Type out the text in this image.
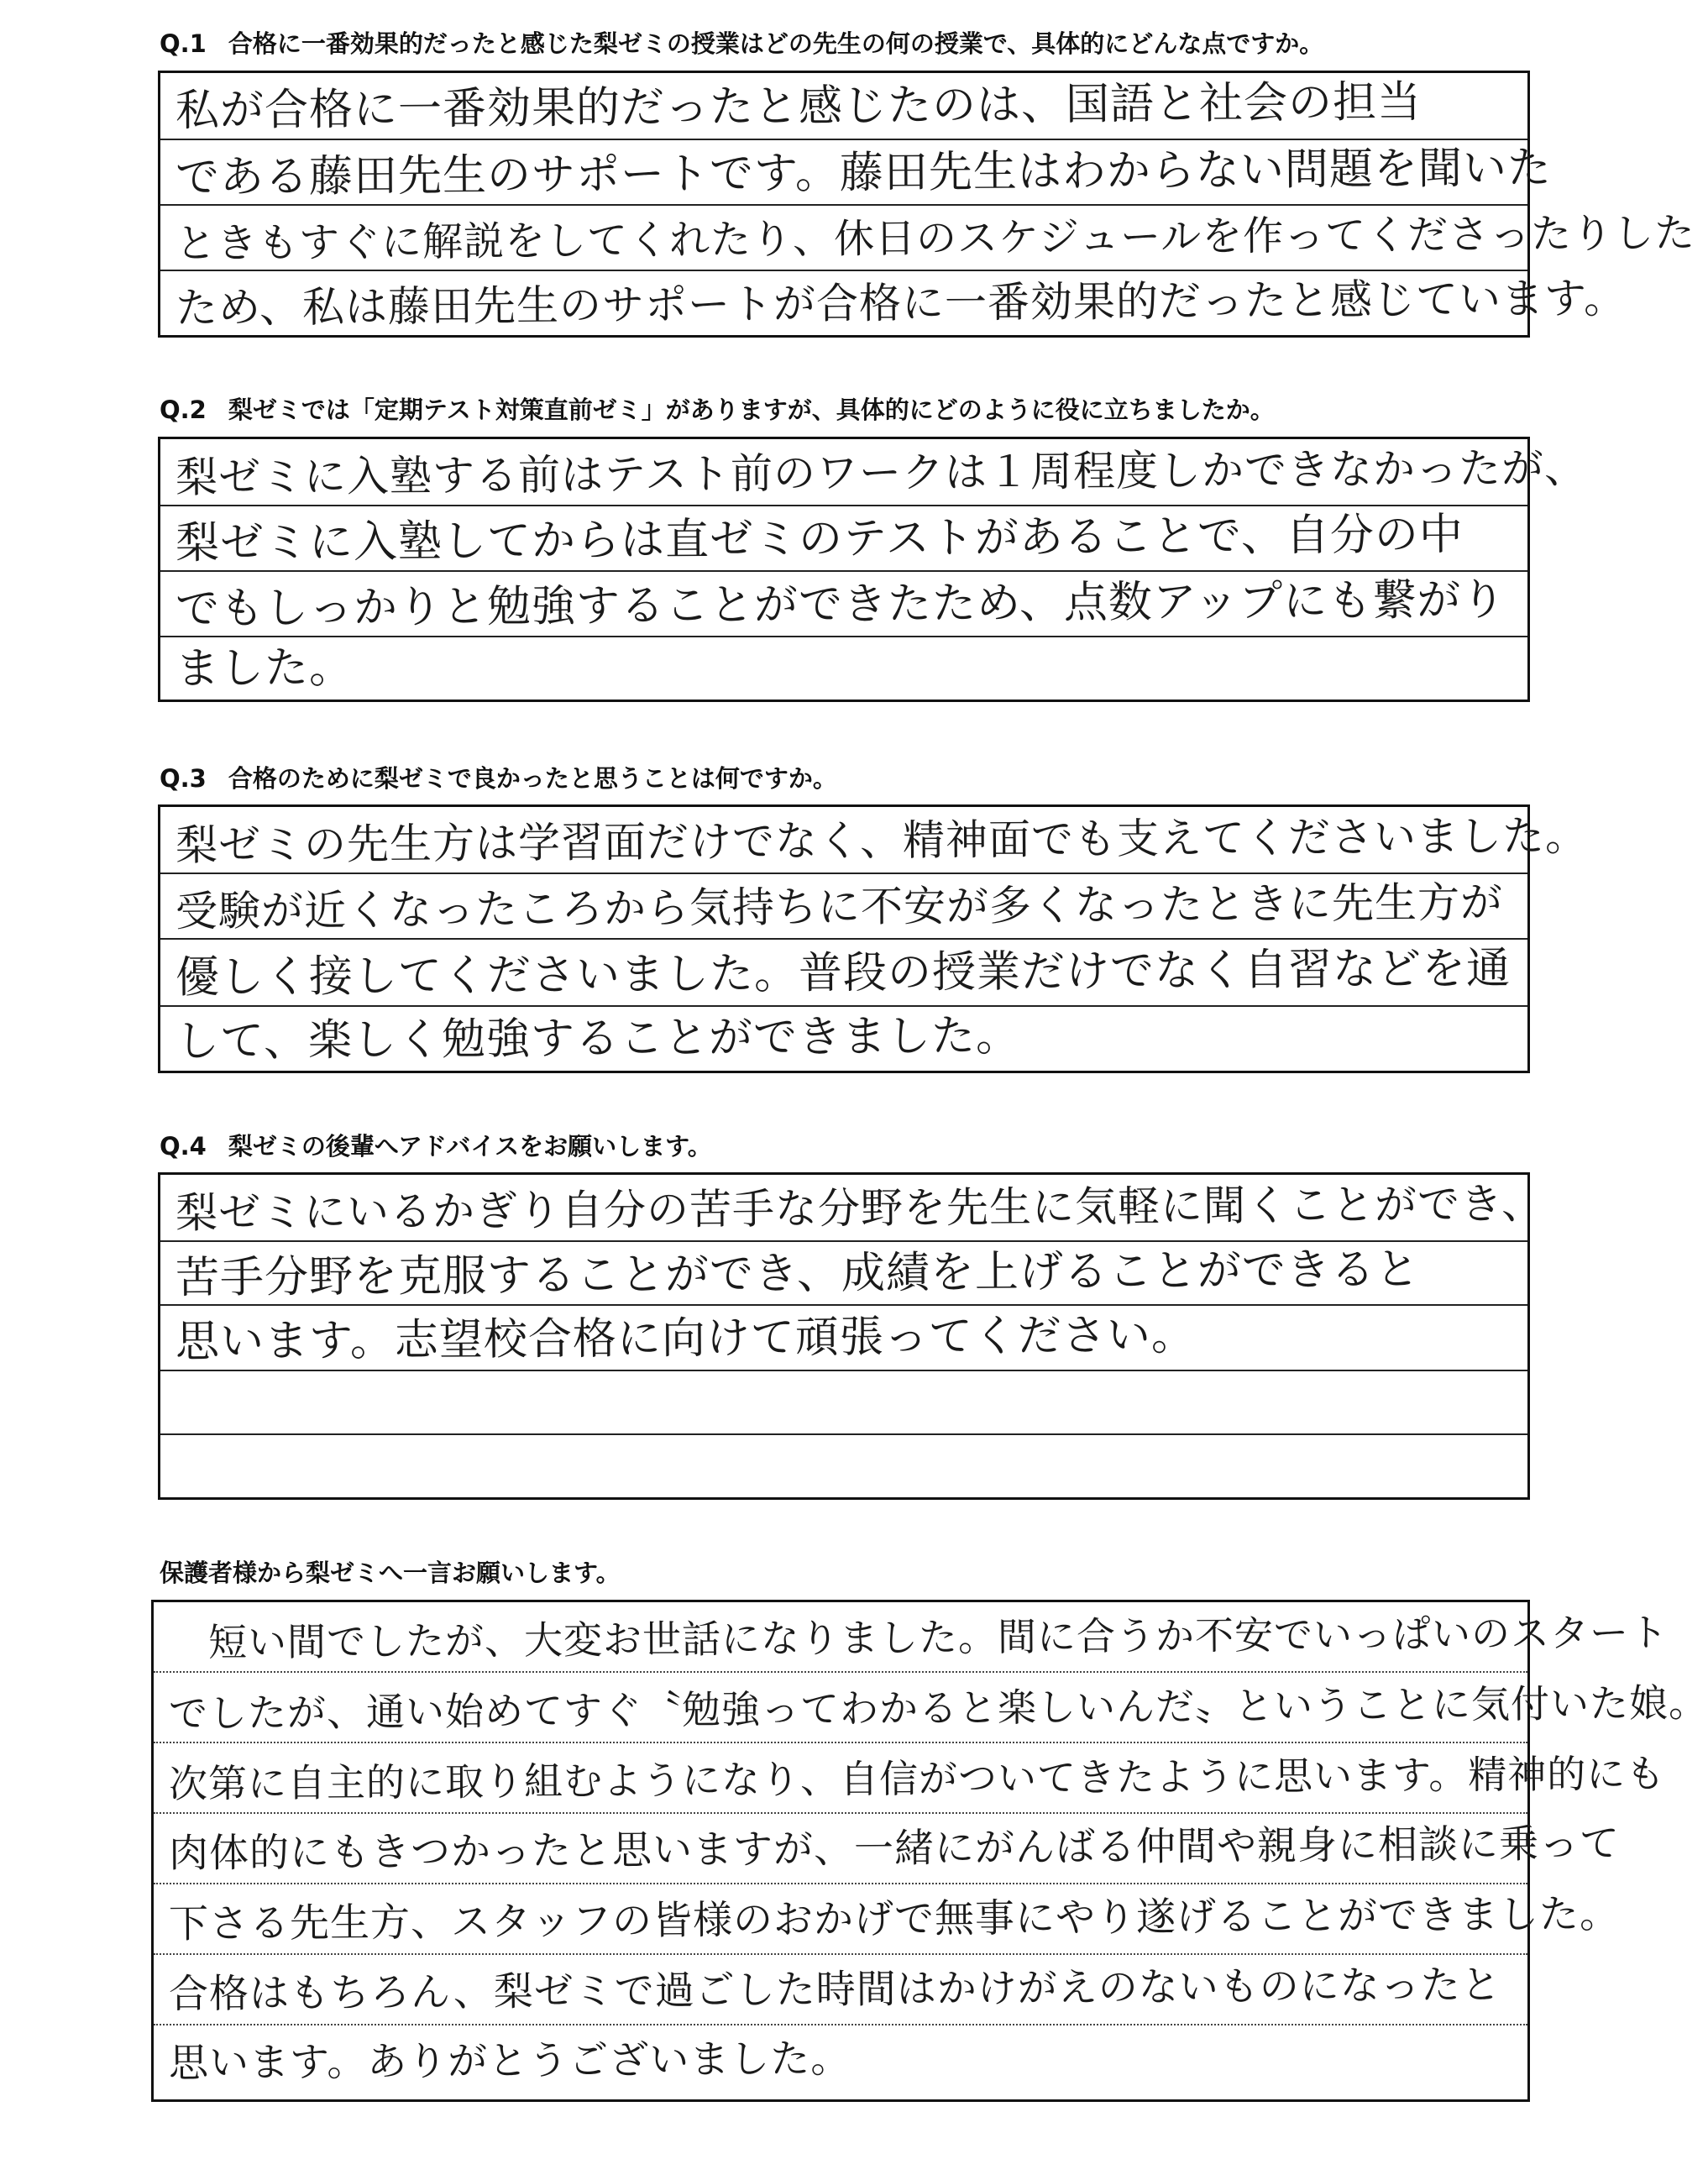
Q.1 合格に一番効果的だったと感じた梨ゼミの授業はどの先生の何の授業で、具体的にどんな点ですか。
私が合格に一番効果的だったと感じたのは、国語と社会の担当
である藤田先生のサポートです。藤田先生はわからない問題を聞いた
ときもすぐに解説をしてくれたり、休日のスケジュールを作ってくださったりした
ため、私は藤田先生のサポートが合格に一番効果的だったと感じています。
Q.2 梨ゼミでは「定期テスト対策直前ゼミ」がありますが、具体的にどのように役に立ちましたか。
梨ゼミに入塾する前はテスト前のワークは１周程度しかできなかったが、
梨ゼミに入塾してからは直ゼミのテストがあることで、自分の中
でもしっかりと勉強することができたため、点数アップにも繋がり
ました。
Q.3 合格のために梨ゼミで良かったと思うことは何ですか。
梨ゼミの先生方は学習面だけでなく、精神面でも支えてくださいました。
受験が近くなったころから気持ちに不安が多くなったときに先生方が
優しく接してくださいました。普段の授業だけでなく自習などを通
して、楽しく勉強することができました。
Q.4 梨ゼミの後輩へアドバイスをお願いします。
梨ゼミにいるかぎり自分の苦手な分野を先生に気軽に聞くことができ、
苦手分野を克服することができ、成績を上げることができると
思います。志望校合格に向けて頑張ってください。
保護者様から梨ゼミへ一言お願いします。
　短い間でしたが、大変お世話になりました。間に合うか不安でいっぱいのスタート
でしたが、通い始めてすぐ〝勉強ってわかると楽しいんだ〟ということに気付いた娘。
次第に自主的に取り組むようになり、自信がついてきたように思います。精神的にも
肉体的にもきつかったと思いますが、一緒にがんばる仲間や親身に相談に乗って
下さる先生方、スタッフの皆様のおかげで無事にやり遂げることができました。
合格はもちろん、梨ゼミで過ごした時間はかけがえのないものになったと
思います。ありがとうございました。
